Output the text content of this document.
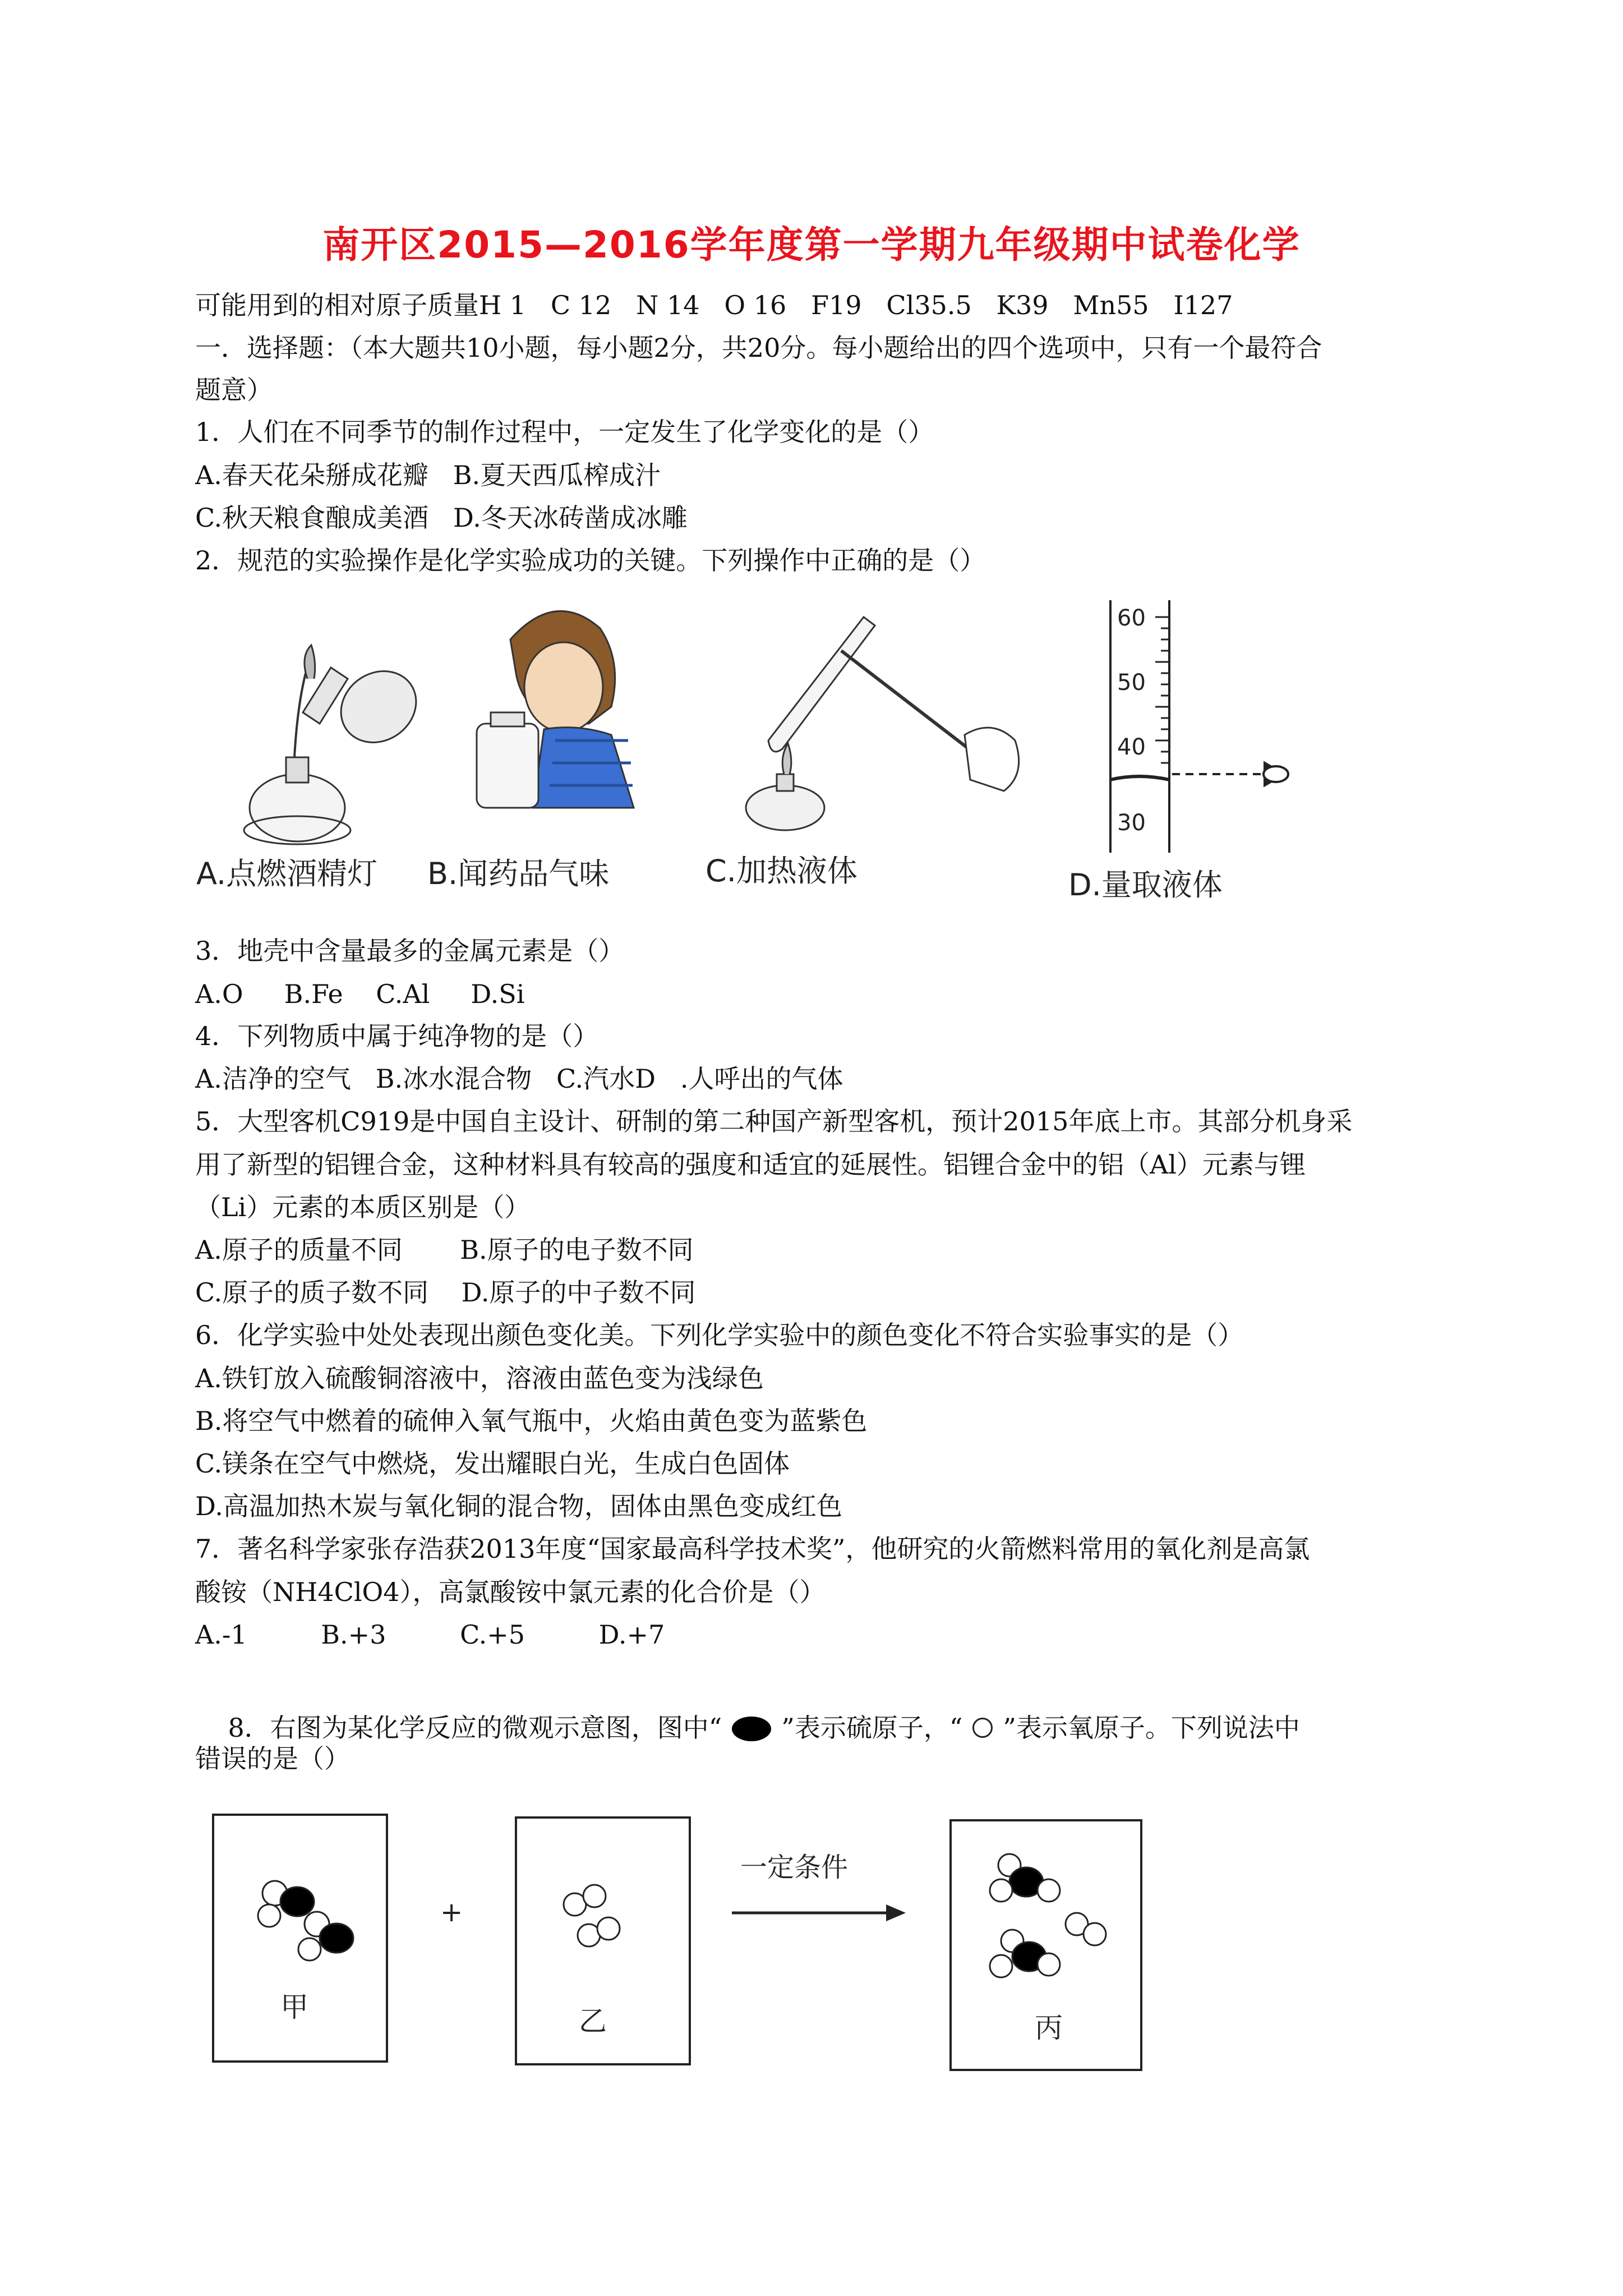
南开区2015—2016学年度第一学期九年级期中试卷化学
可能用到的相对原子质量H 1   C 12   N 14   O 16   F19   Cl35.5   K39   Mn55   I127
一．选择题：（本大题共10小题，每小题2分，共20分。每小题给出的四个选项中，只有一个最符合
题意）
1．人们在不同季节的制作过程中，一定发生了化学变化的是（）
A.春天花朵掰成花瓣   B.夏天西瓜榨成汁
C.秋天粮食酿成美酒   D.冬天冰砖凿成冰雕
2．规范的实验操作是化学实验成功的关键。下列操作中正确的是（）
60
50
40
30
A.点燃酒精灯 B.闻药品气味	C.加热液体	D.量取液体
3．地壳中含量最多的金属元素是（）
A.O     B.Fe    C.Al     D.Si
4．下列物质中属于纯净物的是（）
A.洁净的空气   B.冰水混合物   C.汽水D   .人呼出的气体
5．大型客机C919是中国自主设计、研制的第二种国产新型客机，预计2015年底上市。其部分机身采
用了新型的铝锂合金，这种材料具有较高的强度和适宜的延展性。铝锂合金中的铝（Al）元素与锂
（Li）元素的本质区别是（）
A.原子的质量不同       B.原子的电子数不同
C.原子的质子数不同    D.原子的中子数不同
6．化学实验中处处表现出颜色变化美。下列化学实验中的颜色变化不符合实验事实的是（）
A.铁钉放入硫酸铜溶液中，溶液由蓝色变为浅绿色
B.将空气中燃着的硫伸入氧气瓶中，火焰由黄色变为蓝紫色
C.镁条在空气中燃烧，发出耀眼白光，生成白色固体
D.高温加热木炭与氧化铜的混合物，固体由黑色变成红色
7．著名科学家张存浩获2013年度“国家最高科学技术奖”，他研究的火箭燃料常用的氧化剂是高氯
酸铵（NH4ClO4），高氯酸铵中氯元素的化合价是（）
A.-1         B.+3         C.+5         D.+7

8．右图为某化学反应的微观示意图，图中“ ”表示硫原子，“ ”表示氧原子。下列说法中

错误的是（）
甲
+
乙
一定条件
丙
